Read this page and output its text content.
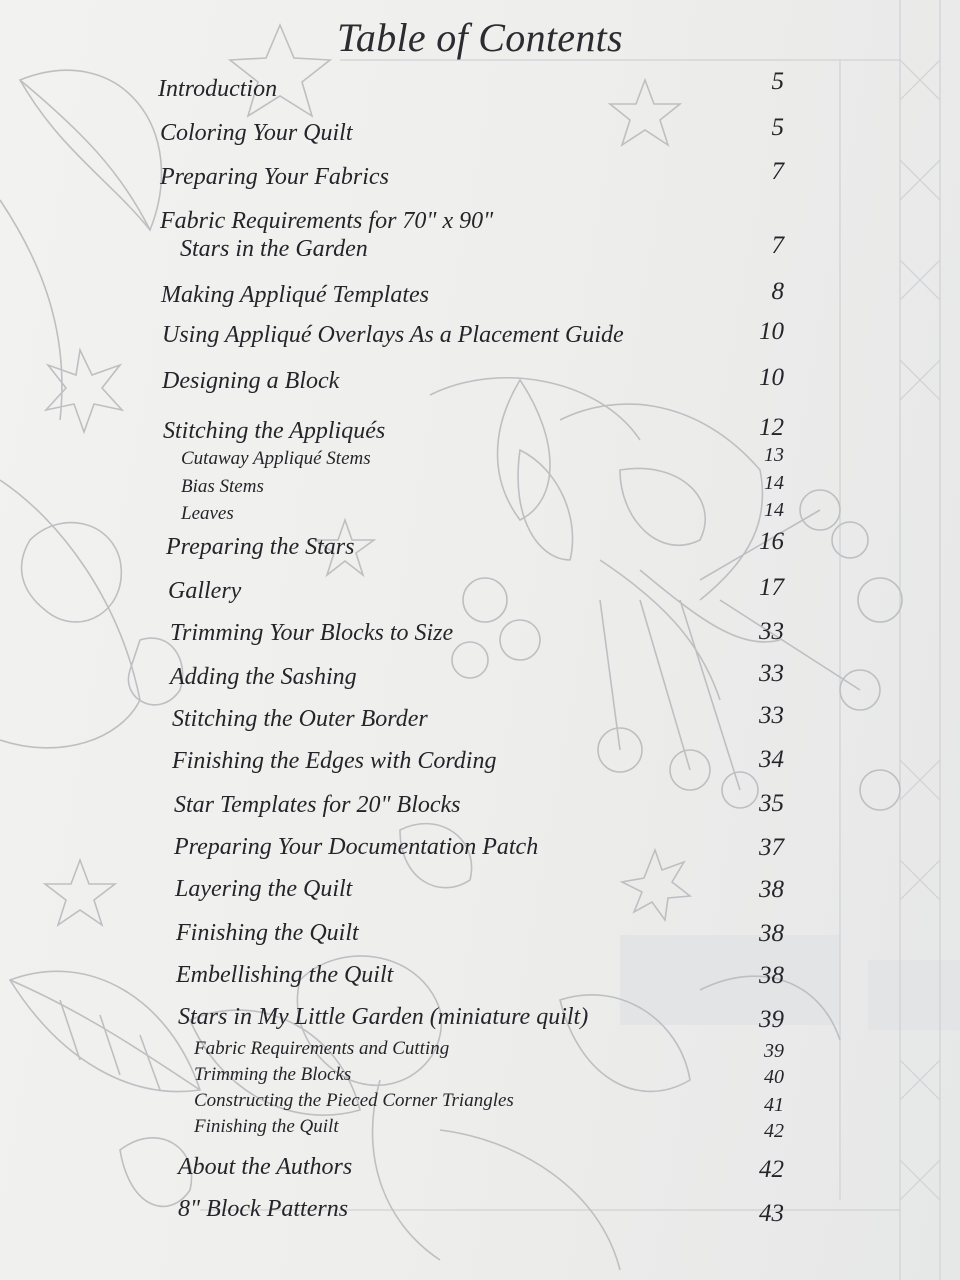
Table of Contents
Introduction	5
Coloring Your Quilt	5
Preparing Your Fabrics	7
Fabric Requirements for 70" x 90"
Stars in the Garden	7
Making Appliqué Templates	8
Using Appliqué Overlays As a Placement Guide	10
Designing a Block	10
Stitching the Appliqués	12
Cutaway Appliqué Stems	13
Bias Stems	14
Leaves	14
Preparing the Stars	16
Gallery	17
Trimming Your Blocks to Size	33
Adding the Sashing	33
Stitching the Outer Border	33
Finishing the Edges with Cording	34
Star Templates for 20" Blocks	35
Preparing Your Documentation Patch	37
Layering the Quilt	38
Finishing the Quilt	38
Embellishing the Quilt	38
Stars in My Little Garden (miniature quilt)	39
Fabric Requirements and Cutting	39
Trimming the Blocks	40
Constructing the Pieced Corner Triangles	41
Finishing the Quilt	42
About the Authors	42
8" Block Patterns	43
